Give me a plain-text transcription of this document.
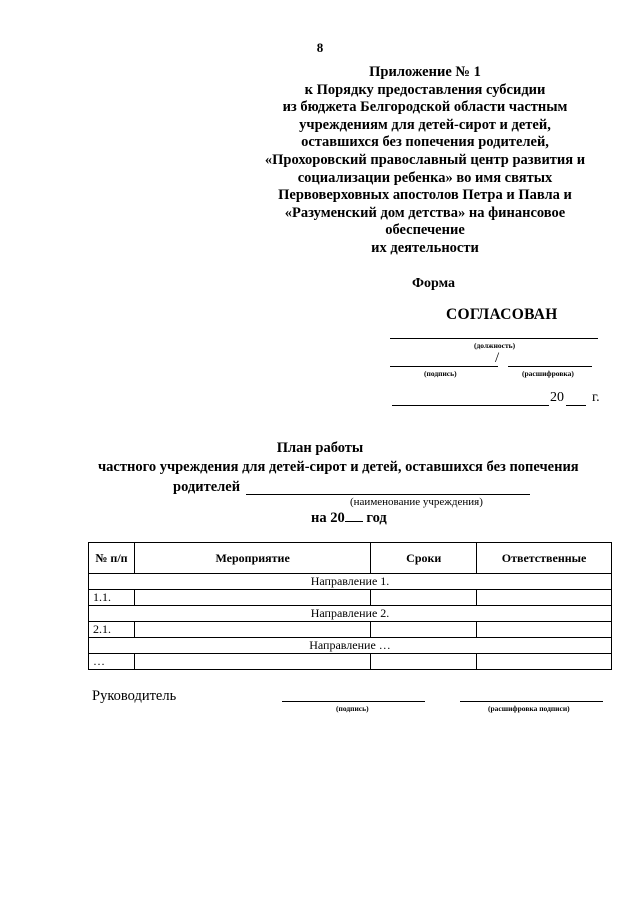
8
Приложение № 1
к Порядку предоставления субсидии
из бюджета Белгородской области частным
учреждениям для детей-сирот и детей,
оставшихся без попечения родителей,
«Прохоровский православный центр развития и
социализации ребенка» во имя святых
Первоверховных апостолов Петра и Павла и
«Разуменский дом детства» на финансовое
обеспечение
их деятельности
Форма
СОГЛАСОВАН
(должность)
/
(подпись)	(расшифровка)
20 г.
План работы
частного учреждения для детей-сирот и детей, оставшихся без попечения
родителей
(наименование учреждения)
на 20 год
№ п/п	Мероприятие	Сроки	Ответственные
Направление 1.			
1.1.			
Направление 2.			
2.1.			
Направление …			
…			
Руководитель
(подпись)	(расшифровка подписи)
